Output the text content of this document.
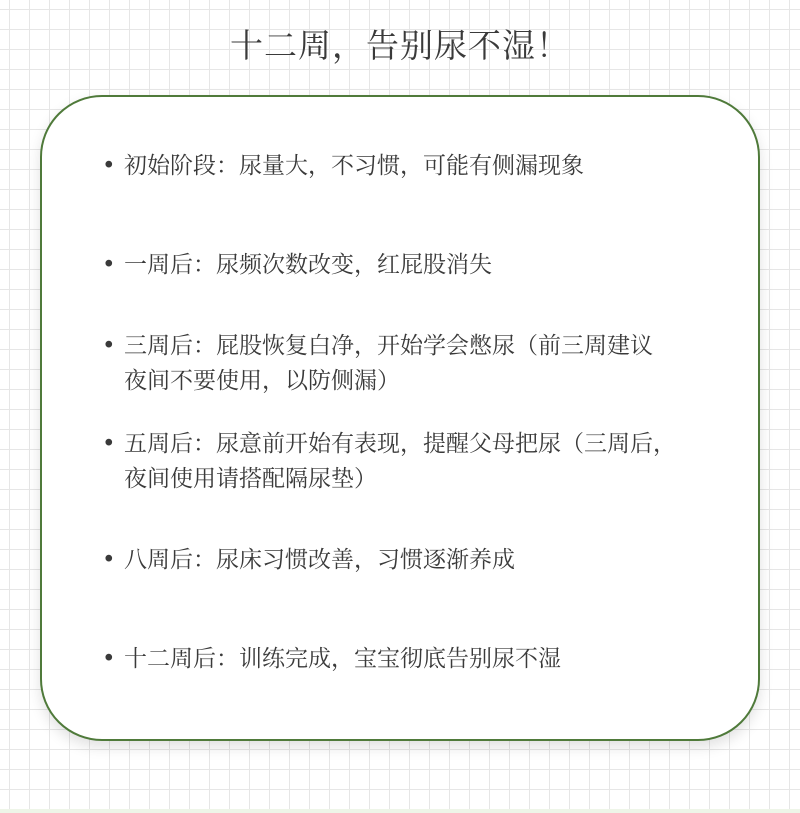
十二周，告别尿不湿！
• 初始阶段：尿量大，不习惯，可能有侧漏现象
• 一周后：尿频次数改变，红屁股消失
• 三周后：屁股恢复白净，开始学会憋尿（前三周建议
夜间不要使用，以防侧漏）
• 五周后：尿意前开始有表现，提醒父母把尿（三周后，
夜间使用请搭配隔尿垫）
• 八周后：尿床习惯改善，习惯逐渐养成
• 十二周后：训练完成，宝宝彻底告别尿不湿
